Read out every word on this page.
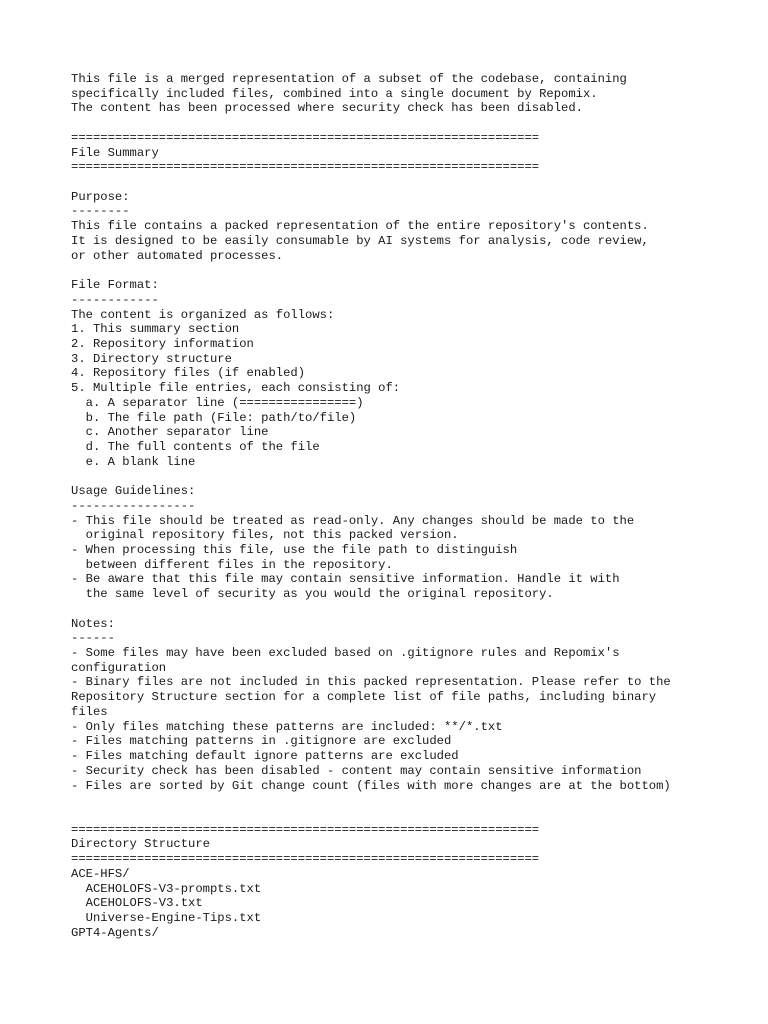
This file is a merged representation of a subset of the codebase, containing
specifically included files, combined into a single document by Repomix.
The content has been processed where security check has been disabled.
================================================================
File Summary
================================================================
Purpose:
--------
This file contains a packed representation of the entire repository's contents.
It is designed to be easily consumable by AI systems for analysis, code review,
or other automated processes.
File Format:
------------
The content is organized as follows:
1. This summary section
2. Repository information
3. Directory structure
4. Repository files (if enabled)
5. Multiple file entries, each consisting of:
a. A separator line (================)
b. The file path (File: path/to/file)
c. Another separator line
d. The full contents of the file
e. A blank line
Usage Guidelines:
-----------------
- This file should be treated as read-only. Any changes should be made to the
original repository files, not this packed version.
- When processing this file, use the file path to distinguish
between different files in the repository.
- Be aware that this file may contain sensitive information. Handle it with
the same level of security as you would the original repository.
Notes:
------
- Some files may have been excluded based on .gitignore rules and Repomix's
configuration
- Binary files are not included in this packed representation. Please refer to the
Repository Structure section for a complete list of file paths, including binary
files
- Only files matching these patterns are included: **/*.txt
- Files matching patterns in .gitignore are excluded
- Files matching default ignore patterns are excluded
- Security check has been disabled - content may contain sensitive information
- Files are sorted by Git change count (files with more changes are at the bottom)
================================================================
Directory Structure
================================================================
ACE-HFS/
ACEHOLOFS-V3-prompts.txt
ACEHOLOFS-V3.txt
Universe-Engine-Tips.txt
GPT4-Agents/
